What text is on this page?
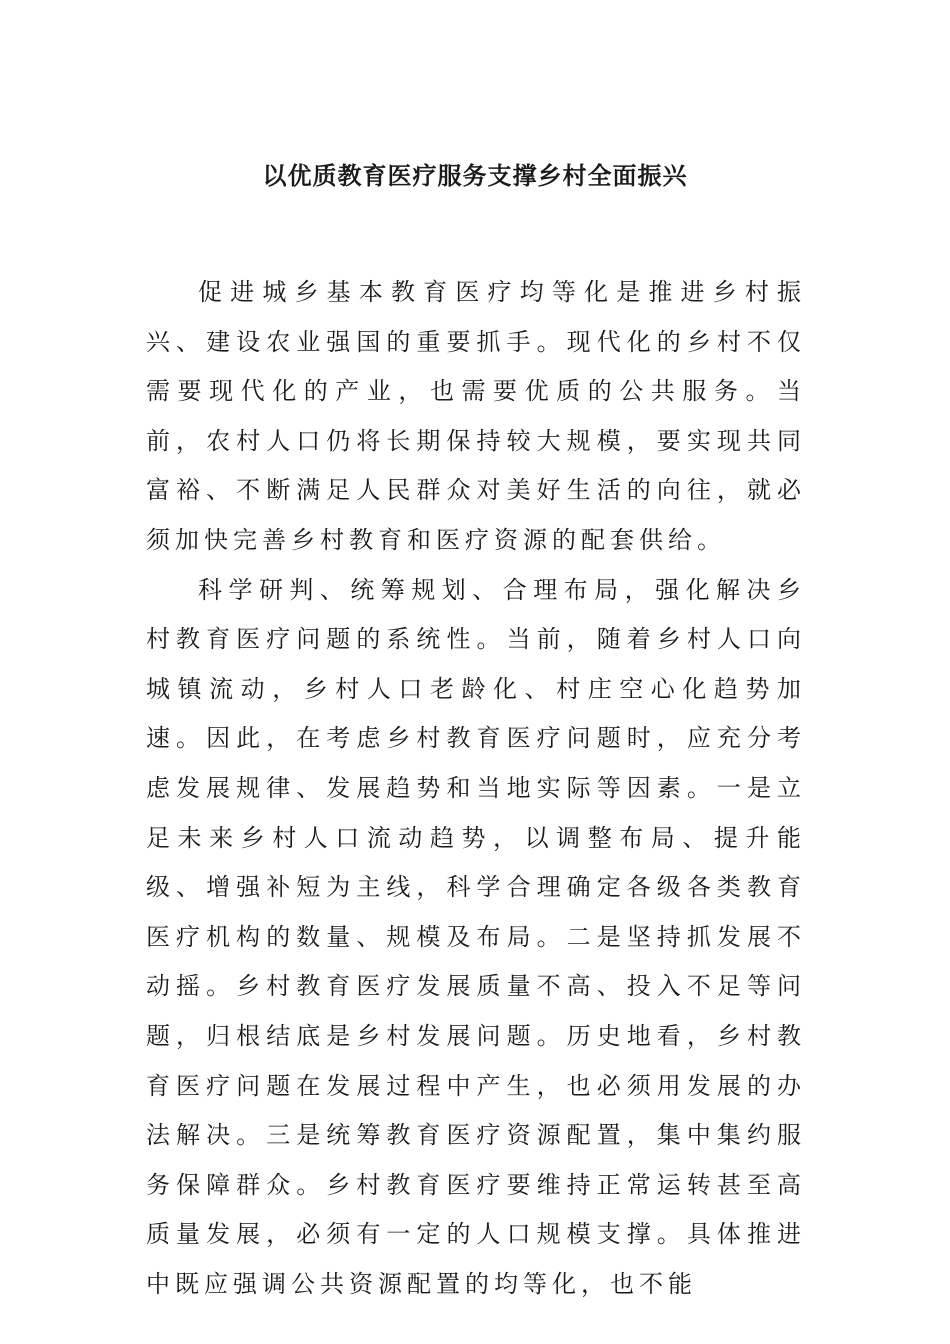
以优质教育医疗服务支撑乡村全面振兴

促进城乡基本教育医疗均等化是推进乡村振兴、建设农业强国的重要抓手。现代化的乡村不仅需要现代化的产业，也需要优质的公共服务。当前，农村人口仍将长期保持较大规模，要实现共同富裕、不断满足人民群众对美好生活的向往，就必须加快完善乡村教育和医疗资源的配套供给。

科学研判、统筹规划、合理布局，强化解决乡村教育医疗问题的系统性。当前，随着乡村人口向城镇流动，乡村人口老龄化、村庄空心化趋势加速。因此，在考虑乡村教育医疗问题时，应充分考虑发展规律、发展趋势和当地实际等因素。一是立足未来乡村人口流动趋势，以调整布局、提升能级、增强补短为主线，科学合理确定各级各类教育医疗机构的数量、规模及布局。二是坚持抓发展不动摇。乡村教育医疗发展质量不高、投入不足等问题，归根结底是乡村发展问题。历史地看，乡村教育医疗问题在发展过程中产生，也必须用发展的办法解决。三是统筹教育医疗资源配置，集中集约服务保障群众。乡村教育医疗要维持正常运转甚至高质量发展，必须有一定的人口规模支撑。具体推进中既应强调公共资源配置的均等化，也不能
